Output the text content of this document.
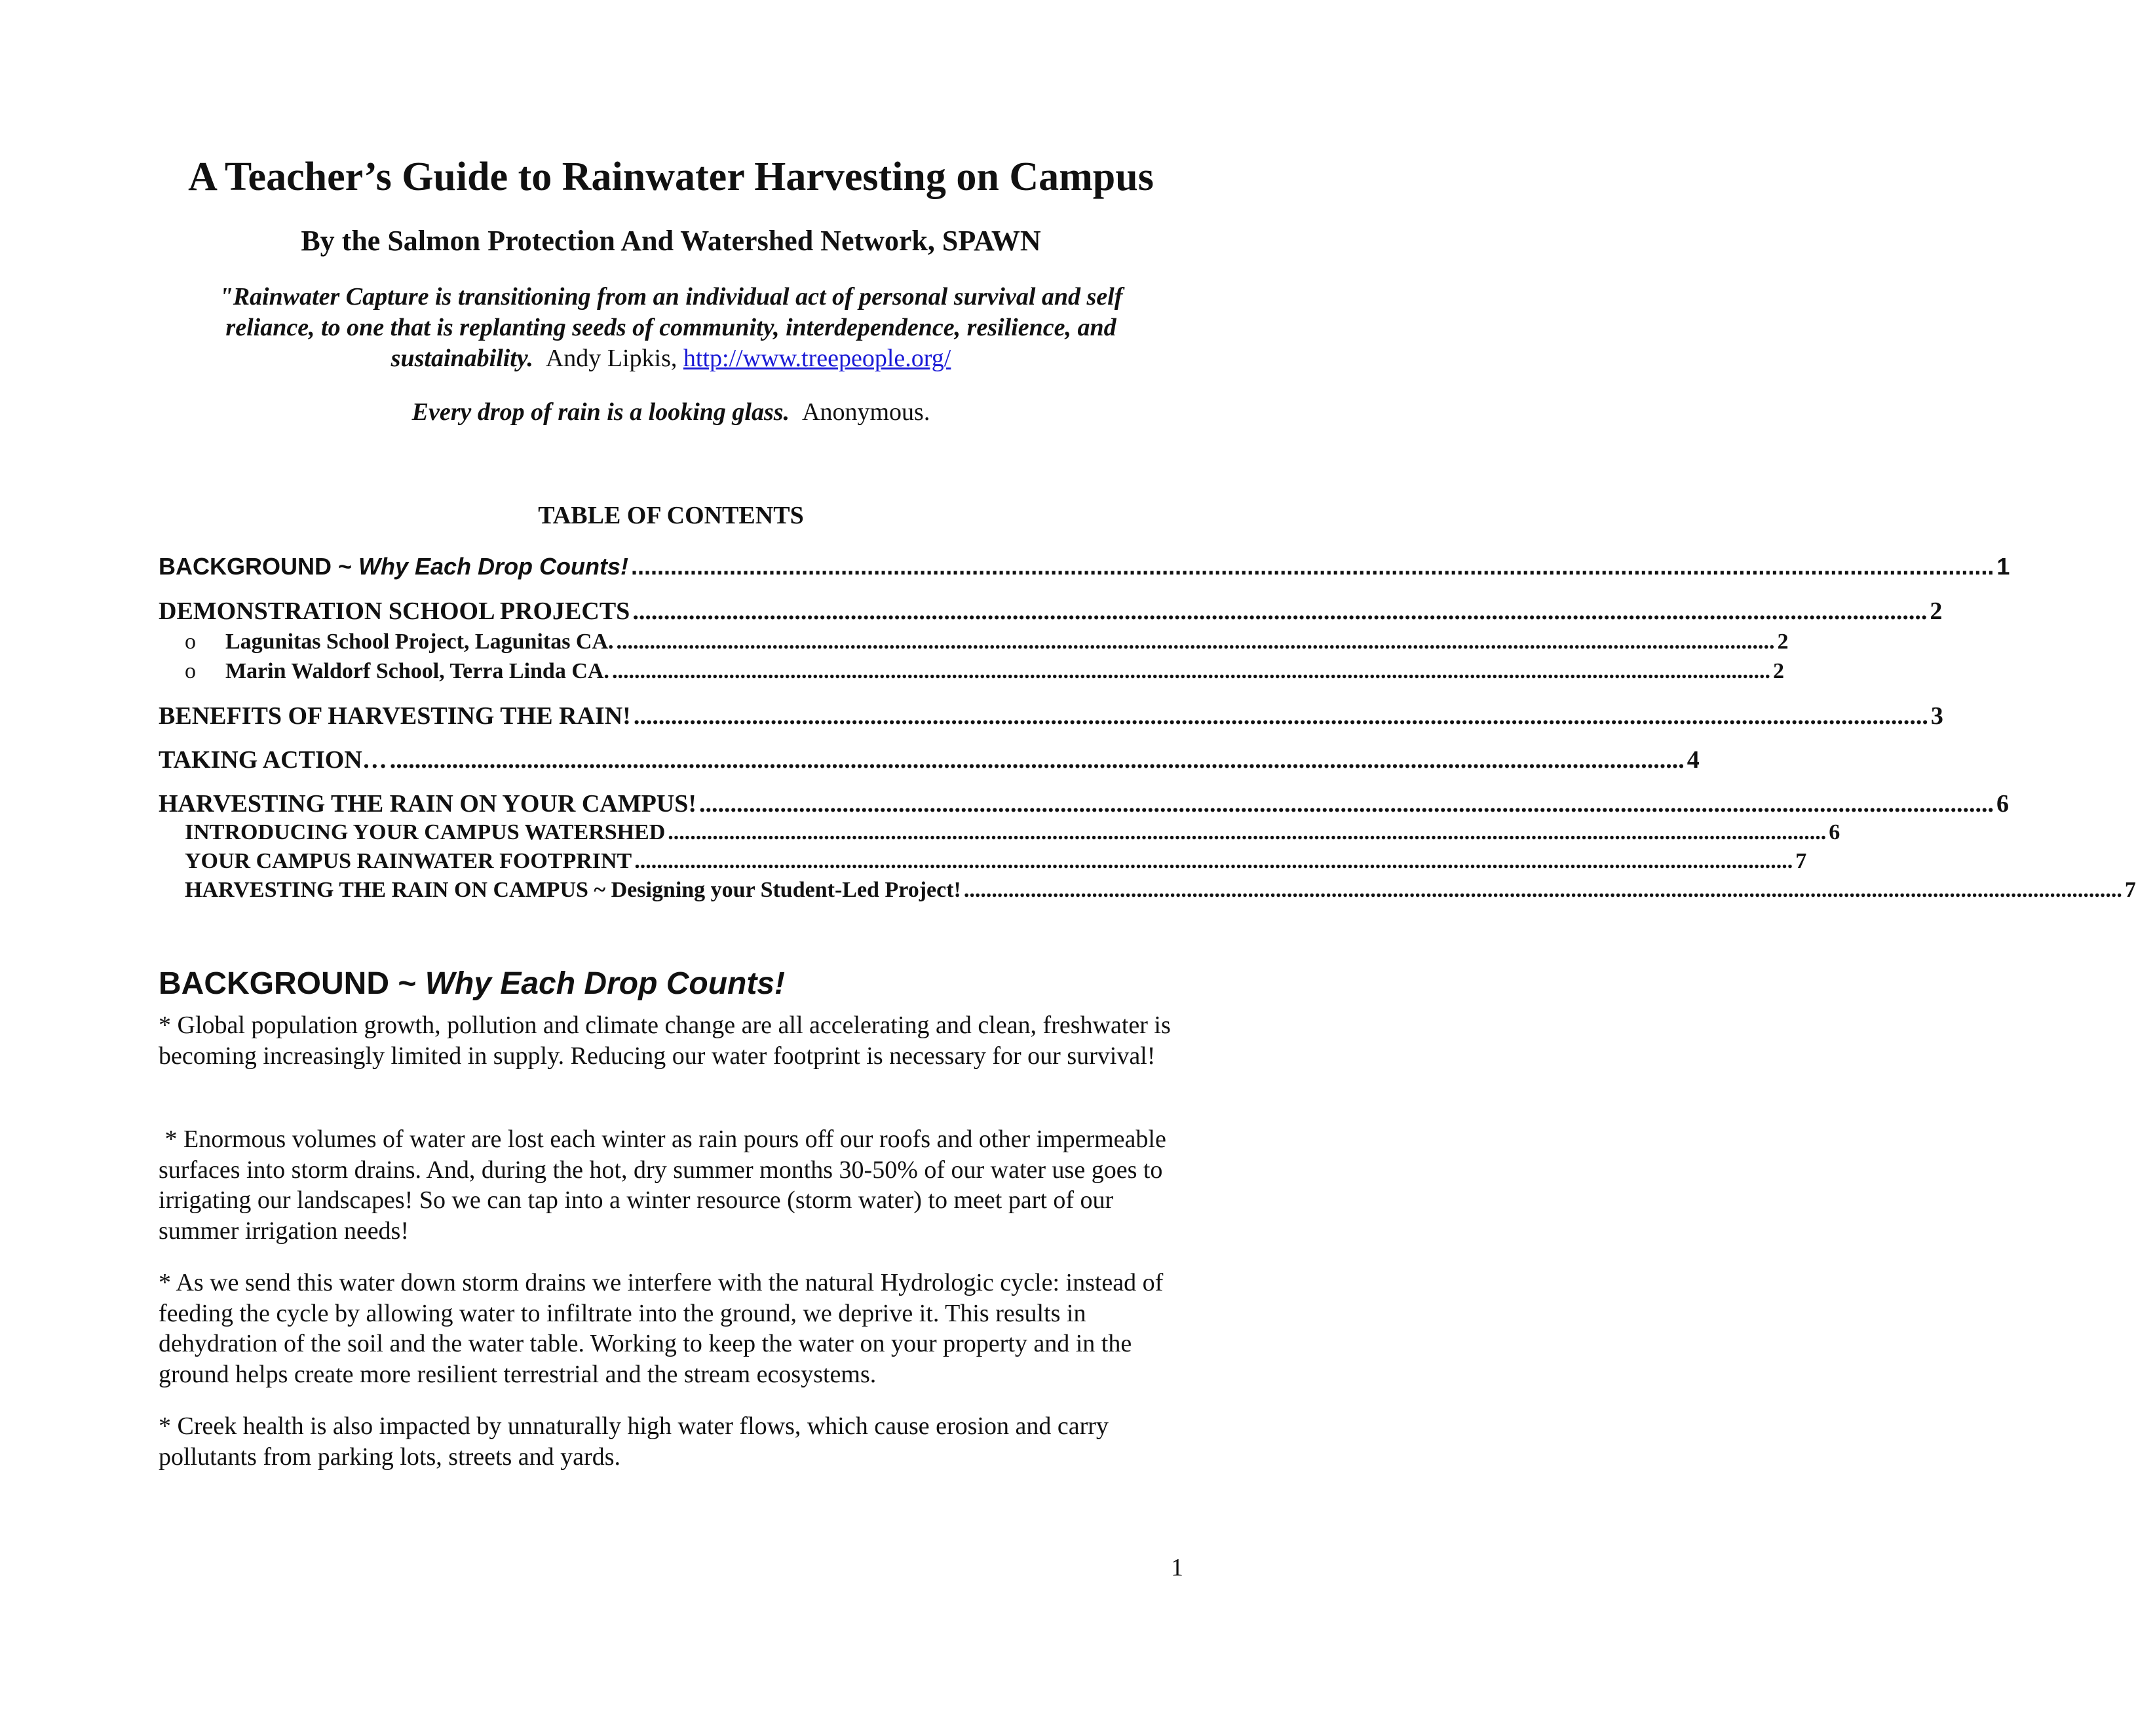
A Teacher’s Guide to Rainwater Harvesting on Campus
By the Salmon Protection And Watershed Network, SPAWN
"Rainwater Capture is transitioning from an individual act of personal survival and self reliance, to one that is replanting seeds of community, interdependence, resilience, and sustainability. Andy Lipkis, http://www.treepeople.org/
Every drop of rain is a looking glass. Anonymous.
TABLE OF CONTENTS
BACKGROUND ~ Why Each Drop Counts! ................................................................................................................................................................................................................ 1
DEMONSTRATION SCHOOL PROJECTS ................................................................................................................................................................................................................ 2
o Lagunitas School Project, Lagunitas CA. ................................................................................................................................................................................................................ 2
o Marin Waldorf School, Terra Linda CA. ................................................................................................................................................................................................................ 2
BENEFITS OF HARVESTING THE RAIN! ................................................................................................................................................................................................................ 3
TAKING ACTION… ................................................................................................................................................................................................................ 4
HARVESTING THE RAIN ON YOUR CAMPUS! ................................................................................................................................................................................................................ 6
INTRODUCING YOUR CAMPUS WATERSHED ................................................................................................................................................................................................................ 6
YOUR CAMPUS RAINWATER FOOTPRINT ................................................................................................................................................................................................................ 7
HARVESTING THE RAIN ON CAMPUS ~ Designing your Student-Led Project! ................................................................................................................................................................................................................ 7
BACKGROUND ~ Why Each Drop Counts!
* Global population growth, pollution and climate change are all accelerating and clean, freshwater is becoming increasingly limited in supply. Reducing our water footprint is necessary for our survival!
* Enormous volumes of water are lost each winter as rain pours off our roofs and other impermeable surfaces into storm drains. And, during the hot, dry summer months 30-50% of our water use goes to irrigating our landscapes! So we can tap into a winter resource (storm water) to meet part of our summer irrigation needs!
* As we send this water down storm drains we interfere with the natural Hydrologic cycle: instead of feeding the cycle by allowing water to infiltrate into the ground, we deprive it. This results in dehydration of the soil and the water table. Working to keep the water on your property and in the ground helps create more resilient terrestrial and the stream ecosystems.
* Creek health is also impacted by unnaturally high water flows, which cause erosion and carry pollutants from parking lots, streets and yards.
1
